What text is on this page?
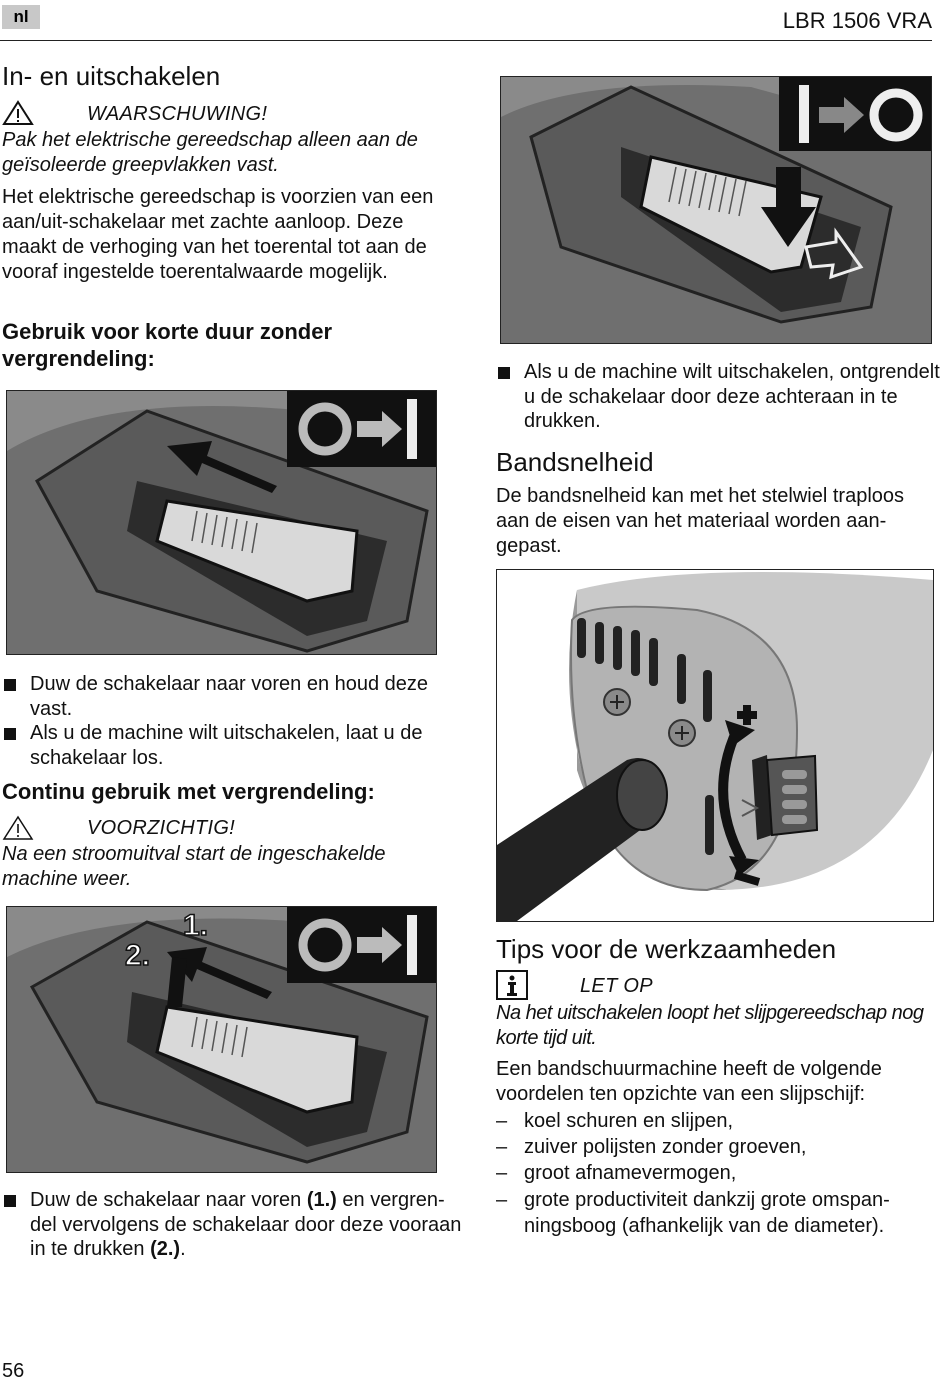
nl	LBR 1506 VRA
In- en uitschakelen
WAARSCHUWING!
Pak het elektrische gereedschap alleen aan de geïsoleerde greepvlakken vast.
Het elektrische gereedschap is voorzien van een aan/uit-schakelaar met zachte aanloop. Deze maakt de verhoging van het toerental tot aan de vooraf ingestelde toerentalwaarde mogelijk.
Gebruik voor korte duur zonder vergrendeling:
Duw de schakelaar naar voren en houd deze vast.
Als u de machine wilt uitschakelen, laat u de schakelaar los.
Continu gebruik met vergrendeling:
VOORZICHTIG!
Na een stroomuitval start de ingeschakelde machine weer.
1.
2.
Duw de schakelaar naar voren (1.) en vergren-del vervolgens de schakelaar door deze vooraan in te drukken (2.).
Als u de machine wilt uitschakelen, ontgrendelt u de schakelaar door deze achteraan in te drukken.
Bandsnelheid
De bandsnelheid kan met het stelwiel traploos aan de eisen van het materiaal worden aan-gepast.
Tips voor de werkzaamheden
LET OP
Na het uitschakelen loopt het slijpgereedschap nog korte tijd uit.
Een bandschuurmachine heeft de volgende voordelen ten opzichte van een slijpschijf:
– koel schuren en slijpen,
– zuiver polijsten zonder groeven,
– groot afnamevermogen,
– grote productiviteit dankzij grote omspan-ningsboog (afhankelijk van de diameter).
56
